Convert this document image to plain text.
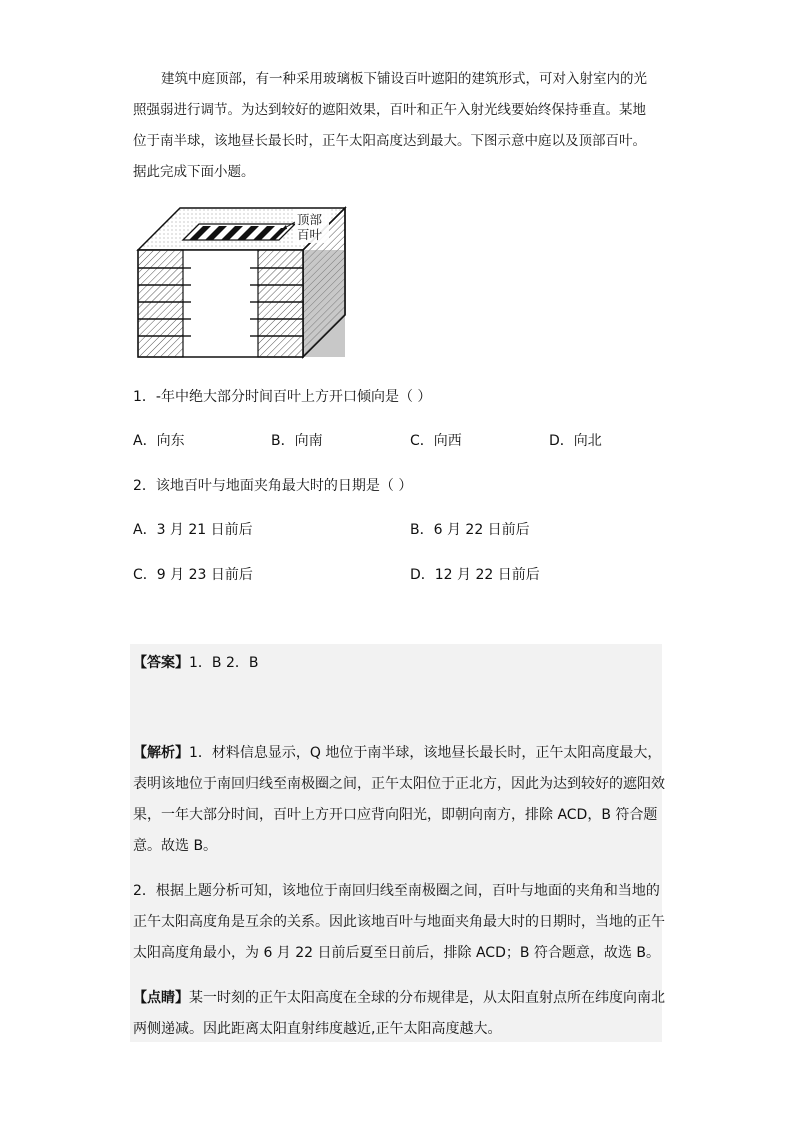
建筑中庭顶部，有一种采用玻璃板下铺设百叶遮阳的建筑形式，可对入射室内的光
照强弱进行调节。为达到较好的遮阳效果，百叶和正午入射光线要始终保持垂直。某地
位于南半球，该地昼长最长时，正午太阳高度达到最大。下图示意中庭以及顶部百叶。
据此完成下面小题。
顶部
百叶
1．-年中绝大部分时间百叶上方开口倾向是（ ）
A．向东	B．向南	C．向西	D．向北
2．该地百叶与地面夹角最大时的日期是（ ）
A．3 月 21 日前后	B．6 月 22 日前后
C．9 月 23 日前后	D．12 月 22 日前后
【答案】1．B 2．B
【解析】1．材料信息显示，Q 地位于南半球，该地昼长最长时，正午太阳高度最大，
表明该地位于南回归线至南极圈之间，正午太阳位于正北方，因此为达到较好的遮阳效
果，一年大部分时间，百叶上方开口应背向阳光，即朝向南方，排除 ACD，B 符合题
意。故选 B。
2．根据上题分析可知，该地位于南回归线至南极圈之间，百叶与地面的夹角和当地的
正午太阳高度角是互余的关系。因此该地百叶与地面夹角最大时的日期时，当地的正午
太阳高度角最小，为 6 月 22 日前后夏至日前后，排除 ACD；B 符合题意，故选 B。
【点睛】某一时刻的正午太阳高度在全球的分布规律是，从太阳直射点所在纬度向南北
两侧递减。因此距离太阳直射纬度越近,正午太阳高度越大。
